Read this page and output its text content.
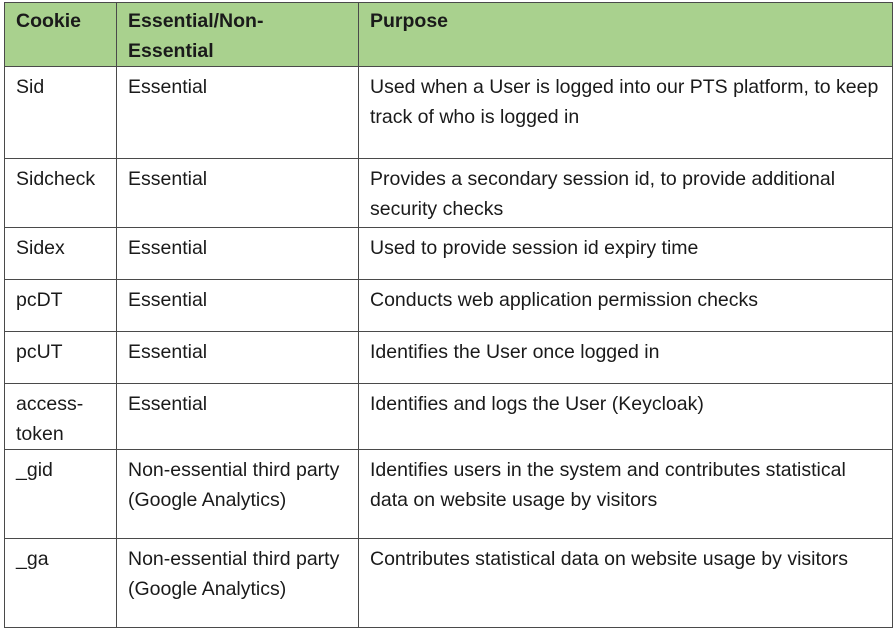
Cookie	Essential/Non-Essential	Purpose

Sid	Essential	Used when a User is logged into our PTS platform, to keep track of who is logged in

Sidcheck	Essential	Provides a secondary session id, to provide additional security checks

Sidex	Essential	Used to provide session id expiry time

pcDT	Essential	Conducts web application permission checks

pcUT	Essential	Identifies the User once logged in

access-token	Essential	Identifies and logs the User (Keycloak)

_gid	Non-essential third party (Google Analytics)	Identifies users in the system and contributes statistical data on website usage by visitors

_ga	Non-essential third party (Google Analytics)	Contributes statistical data on website usage by visitors
